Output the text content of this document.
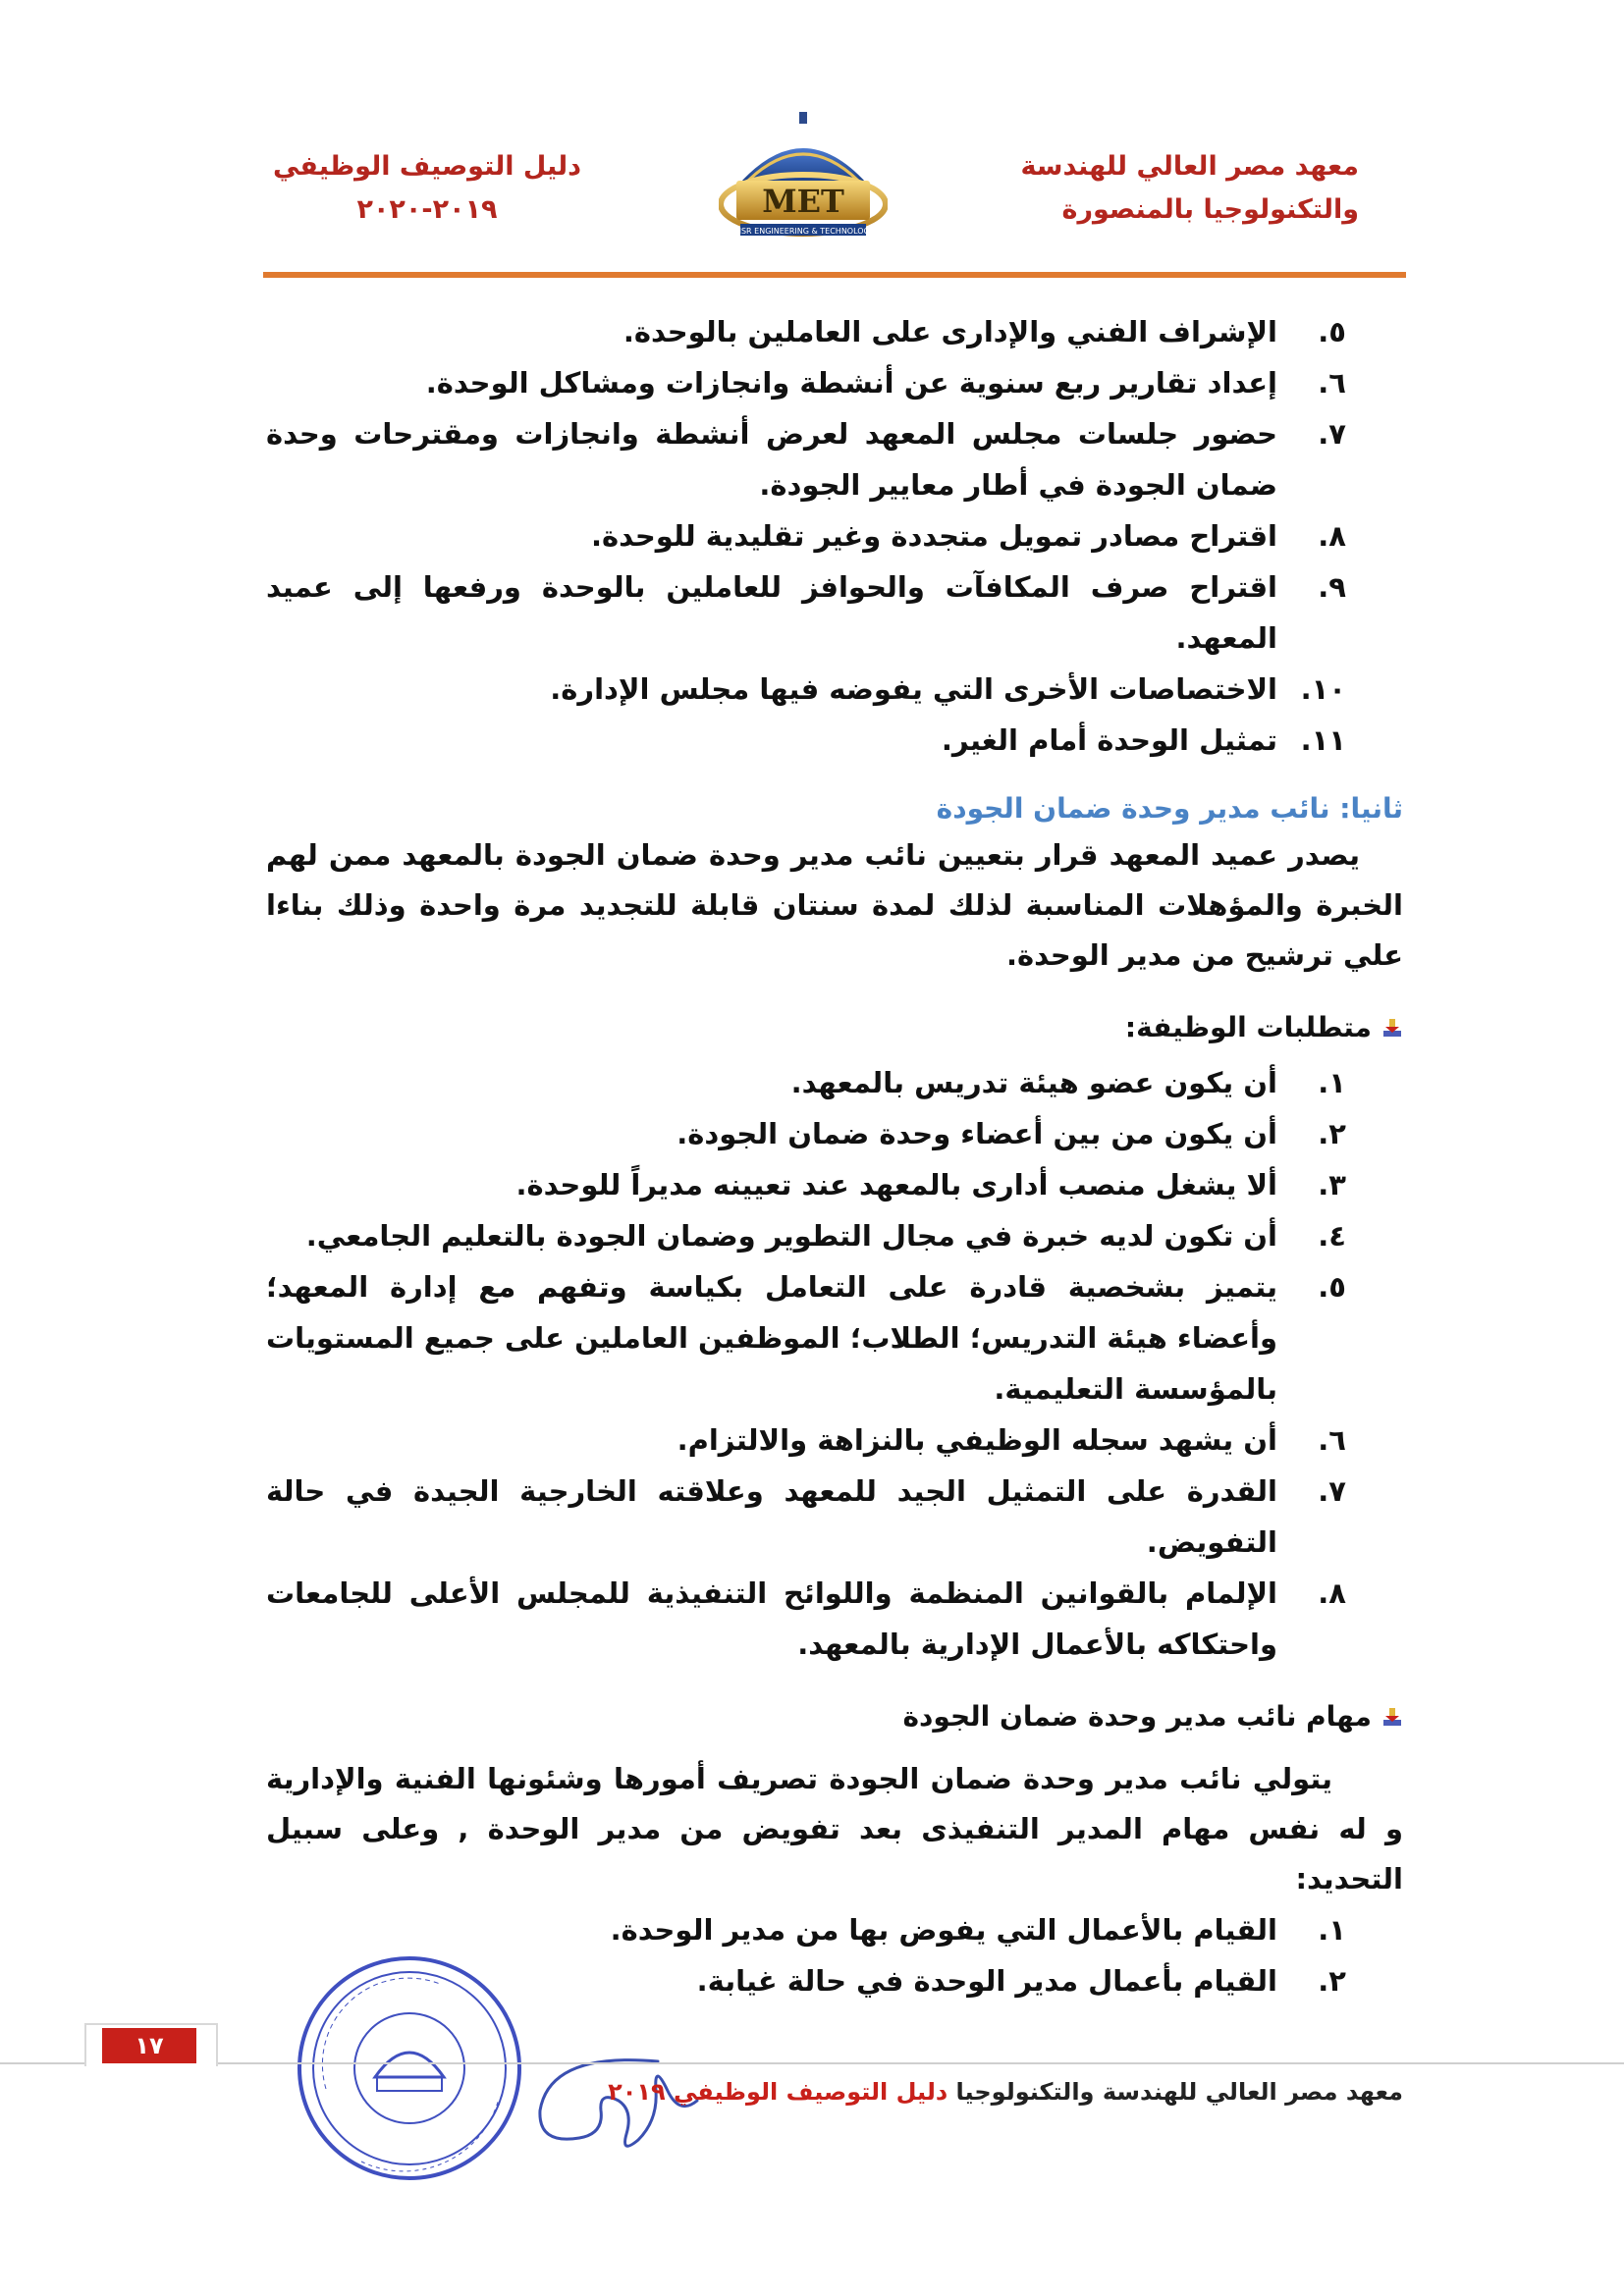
معهد مصر العالي للهندسة
والتكنولوجيا بالمنصورة
MET
MISR ENGINEERING & TECHNOLOGY
دليل التوصيف الوظيفي
٢٠١٩-٢٠٢٠
٥.
الإشراف الفني والإدارى على العاملين بالوحدة.
٦.
إعداد تقارير ربع سنوية عن أنشطة وانجازات ومشاكل الوحدة.
٧.
حضور جلسات مجلس المعهد لعرض أنشطة وانجازات ومقترحات وحدة ضمان الجودة في أطار معايير الجودة.
٨.
اقتراح مصادر تمويل متجددة وغير تقليدية للوحدة.
٩.
اقتراح صرف المكافآت والحوافز للعاملين بالوحدة ورفعها إلى عميد المعهد.
١٠.
الاختصاصات الأخرى التي يفوضه فيها مجلس الإدارة.
١١.
تمثيل الوحدة أمام الغير.
ثانيا: نائب مدير وحدة ضمان الجودة
يصدر عميد المعهد قرار بتعيين نائب مدير وحدة ضمان الجودة بالمعهد ممن لهم الخبرة والمؤهلات المناسبة لذلك لمدة سنتان قابلة للتجديد مرة واحدة وذلك بناءا علي ترشيح من مدير الوحدة.
متطلبات الوظيفة:
١.
أن يكون عضو هيئة تدريس بالمعهد.
٢.
أن يكون من بين أعضاء وحدة ضمان الجودة.
٣.
ألا يشغل منصب أدارى بالمعهد عند تعيينه مديراً للوحدة.
٤.
أن تكون لديه خبرة في مجال التطوير وضمان الجودة بالتعليم الجامعي.
٥.
يتميز بشخصية قادرة على التعامل بكياسة وتفهم مع إدارة المعهد؛ وأعضاء هيئة التدريس؛ الطلاب؛ الموظفين العاملين على جميع المستويات بالمؤسسة التعليمية.
٦.
أن يشهد سجله الوظيفي بالنزاهة والالتزام.
٧.
القدرة على التمثيل الجيد للمعهد وعلاقته الخارجية الجيدة في حالة التفويض.
٨.
الإلمام بالقوانين المنظمة واللوائح التنفيذية للمجلس الأعلى للجامعات واحتكاكه بالأعمال الإدارية بالمعهد.
مهام نائب مدير وحدة ضمان الجودة
يتولي نائب مدير وحدة ضمان الجودة تصريف أمورها وشئونها الفنية والإدارية و له نفس مهام المدير التنفيذى بعد تفويض من مدير الوحدة , وعلى سبيل التحديد:
١.
القيام بالأعمال التي يفوض بها من مدير الوحدة.
٢.
القيام بأعمال مدير الوحدة في حالة غيابة.
١٧
معهد مصر العالي للهندسة والتكنولوجيا دليل التوصيف الوظيفي ٢٠١٩
